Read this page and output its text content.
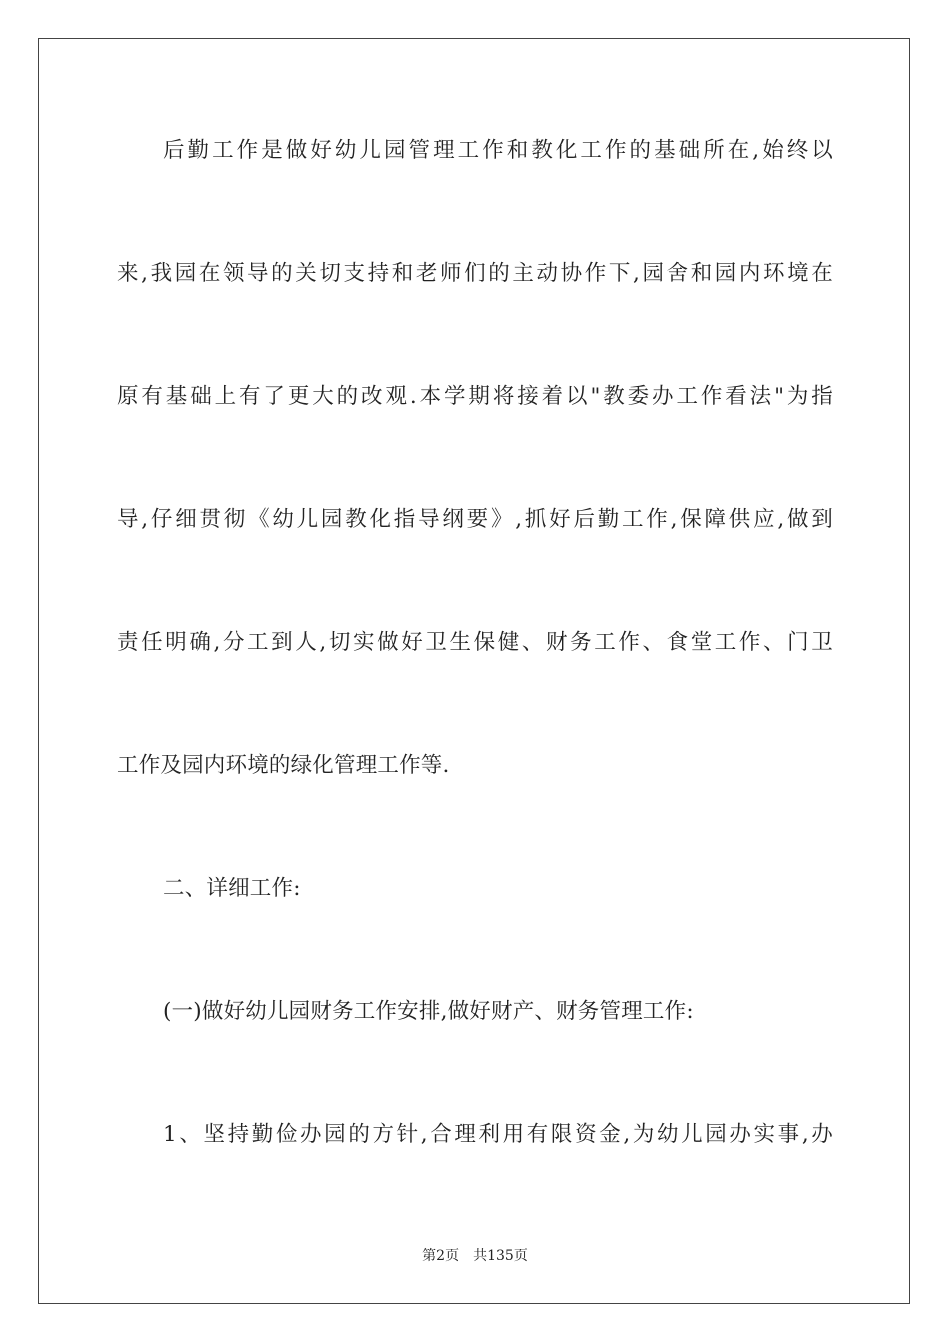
后勤工作是做好幼儿园管理工作和教化工作的基础所在,始终以
来,我园在领导的关切支持和老师们的主动协作下,园舍和园内环境在
原有基础上有了更大的改观.本学期将接着以"教委办工作看法"为指
导,仔细贯彻《幼儿园教化指导纲要》,抓好后勤工作,保障供应,做到
责任明确,分工到人,切实做好卫生保健、财务工作、食堂工作、门卫
工作及园内环境的绿化管理工作等.
二、详细工作:
(一)做好幼儿园财务工作安排,做好财产、财务管理工作:
1、坚持勤俭办园的方针,合理利用有限资金,为幼儿园办实事,办
第2页 共135页
